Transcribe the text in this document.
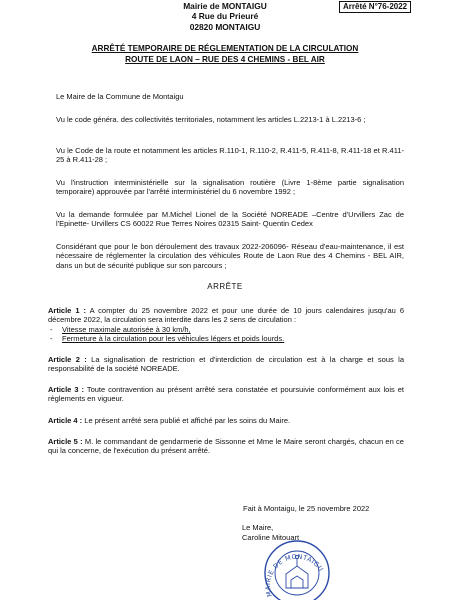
Mairie de MONTAIGU
4 Rue du Prieuré
02820 MONTAIGU
Arrêté N°76-2022
ARRÊTÉ TEMPORAIRE DE RÉGLEMENTATION DE LA CIRCULATION
ROUTE DE LAON – RUE DES 4 CHEMINS - BEL AIR
Le Maire de la Commune de Montaigu
Vu le code généra. des collectivités territoriales, notamment les articles L.2213-1 à L.2213-6 ;
Vu le Code de la route et notamment les articles R.110-1, R.110-2, R.411-5, R.411-8, R.411-18 et R.411-25 à R.411-28 ;
Vu l'instruction interministérielle sur la signalisation routière (Livre 1-8ème partie signalisation temporaire) approuvée par l'arrêté interministériel du 6 novembre 1992 ;
Vu la demande formulée par M.Michel Lionel de la Société NOREADE –Centre d'Urvillers Zac de l'Epinette- Urvillers CS 60022 Rue Terres Noires 02315 Saint- Quentin Cedex
Considérant que pour le bon déroulement des travaux 2022-206096- Réseau d'eau-maintenance, il est nécessaire de réglementer la circulation des véhicules Route de Laon Rue des 4 Chemins - BEL AIR, dans un but de sécurité publique sur son parcours ;
ARRÊTE
Article 1 : A compter du 25 novembre 2022 et pour une durée de 10 jours calendaires jusqu'au 6 décembre 2022, la circulation sera interdite dans les 2 sens de circulation :
- Vitesse maximale autorisée à 30 km/h,
- Fermeture à la circulation pour les véhicules légers et poids lourds.
Article 2 : La signalisation de restriction et d'interdiction de circulation est à la charge et sous la responsabilité de la société NOREADE.
Article 3 : Toute contravention au présent arrêté sera constatée et poursuivie conformément aux lois et règlements en vigueur.
Article 4 : Le présent arrêté sera publié et affiché par les soins du Maire.
Article 5 : M. le commandant de gendarmerie de Sissonne et Mme le Maire seront chargés, chacun en ce qui la concerne, de l'exécution du présent arrêté.
Fait à Montaigu, le 25 novembre 2022
Le Maire,
Caroline Mitouart
MAIRIE DE MONTAIGU
